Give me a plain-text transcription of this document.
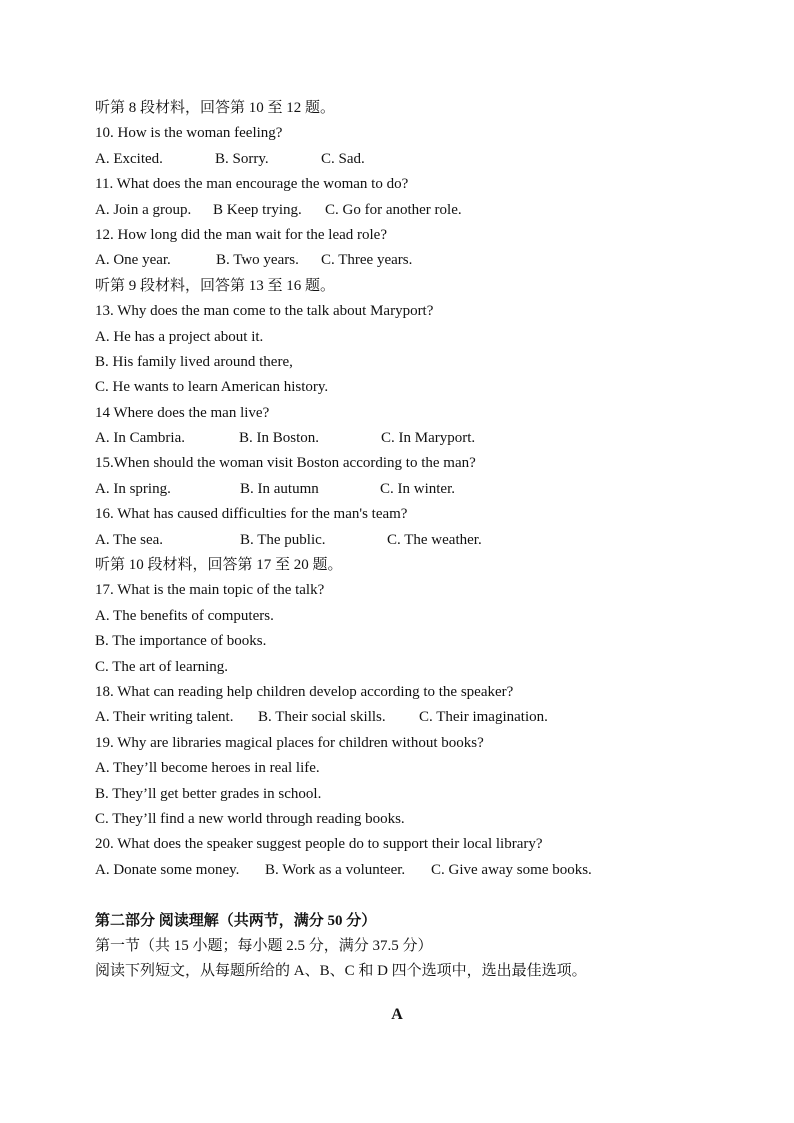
听第 8 段材料，回答第 10 至 12 题。
10. How is the woman feeling?
A. Excited.	B. Sorry.	C. Sad.
11. What does the man encourage the woman to do?
A. Join a group.	B Keep trying.	C. Go for another role.
12. How long did the man wait for the lead role?
A. One year.	B. Two years.	C. Three years.
听第 9 段材料，回答第 13 至 16 题。
13. Why does the man come to the talk about Maryport?
A. He has a project about it.
B. His family lived around there,
C. He wants to learn American history.
14 Where does the man live?
A. In Cambria.	B. In Boston.	C. In Maryport.
15.When should the woman visit Boston according to the man?
A. In spring.	B. In autumn	C. In winter.
16. What has caused difficulties for the man's team?
A. The sea.	B. The public.	C. The weather.
听第 10 段材料，回答第 17 至 20 题。
17. What is the main topic of the talk?
A. The benefits of computers.
B. The importance of books.
C. The art of learning.
18. What can reading help children develop according to the speaker?
A. Their writing talent.	B. Their social skills.	C. Their imagination.
19. Why are libraries magical places for children without books?
A. They’ll become heroes in real life.
B. They’ll get better grades in school.
C. They’ll find a new world through reading books.
20. What does the speaker suggest people do to support their local library?
A. Donate some money.	B. Work as a volunteer.	C. Give away some books.
第二部分 阅读理解（共两节，满分 50 分）
第一节（共 15 小题；每小题 2.5 分，满分 37.5 分）
阅读下列短文，从每题所给的 A、B、C 和 D 四个选项中，选出最佳选项。
A
